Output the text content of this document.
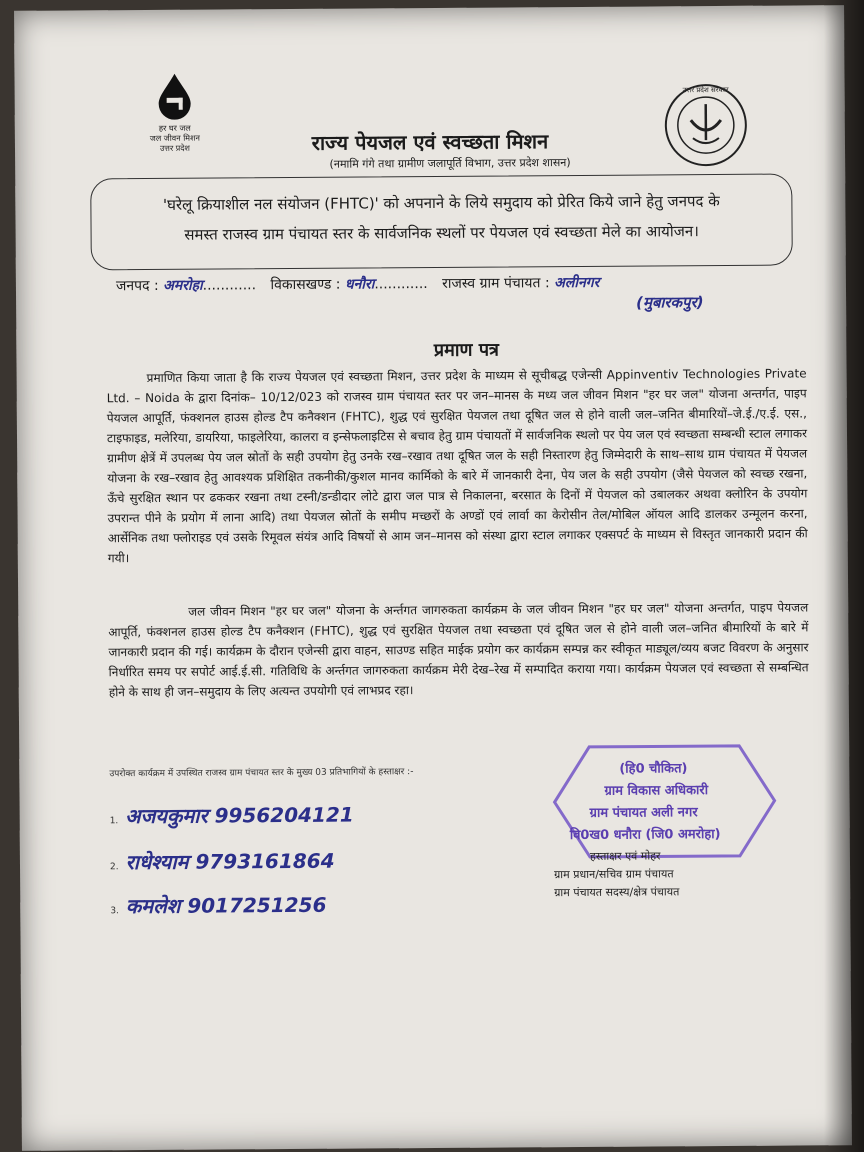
हर घर जल
जल जीवन मिशन
उत्तर प्रदेश
उत्तर प्रदेश सरकार
राज्य पेयजल एवं स्वच्छता मिशन
(नमामि गंगे तथा ग्रामीण जलापूर्ति विभाग, उत्तर प्रदेश शासन)
'घरेलू क्रियाशील नल संयोजन (FHTC)' को अपनाने के लिये समुदाय को प्रेरित किये जाने हेतु जनपद के
समस्त राजस्व ग्राम पंचायत स्तर के सार्वजनिक स्थलों पर पेयजल एवं स्वच्छता मेले का आयोजन।
जनपद : अमरोहा............ विकासखण्ड : धनौरा............ राजस्व ग्राम पंचायत : अलीनगर
(मुबारकपुर)
प्रमाण पत्र
प्रमाणित किया जाता है कि राज्य पेयजल एवं स्वच्छता मिशन, उत्तर प्रदेश के माध्यम से सूचीबद्ध एजेन्सी Appinventiv Technologies Private Ltd. – Noida के द्वारा दिनांक– 10/12/023 को राजस्व ग्राम पंचायत स्तर पर जन–मानस के मध्य जल जीवन मिशन "हर घर जल" योजना अन्तर्गत, पाइप पेयजल आपूर्ति, फंक्शनल हाउस होल्ड टैप कनैक्शन (FHTC), शुद्ध एवं सुरक्षित पेयजल तथा दूषित जल से होने वाली जल–जनित बीमारियों–जे.ई./ए.ई. एस., टाइफाइड, मलेरिया, डायरिया, फाइलेरिया, कालरा व इन्सेफलाइटिस से बचाव हेतु ग्राम पंचायतों में सार्वजनिक स्थलो पर पेय जल एवं स्वच्छता सम्बन्धी स्टाल लगाकर ग्रामीण क्षेत्रें में उपलब्ध पेय जल स्रोतों के सही उपयोग हेतु उनके रख–रखाव तथा दूषित जल के सही निस्तारण हेतु जिम्मेदारी के साथ–साथ ग्राम पंचायत में पेयजल योजना के रख–रखाव हेतु आवश्यक प्रशिक्षित तकनीकी/कुशल मानव कार्मिको के बारे में जानकारी देना, पेय जल के सही उपयोग (जैसे पेयजल को स्वच्छ रखना, ऊँचे सुरक्षित स्थान पर ढककर रखना तथा टस्नी/डन्डीदार लोटे द्वारा जल पात्र से निकालना, बरसात के दिनों में पेयजल को उबालकर अथवा क्लोरिन के उपयोग उपरान्त पीने के प्रयोग में लाना आदि) तथा पेयजल स्रोतों के समीप मच्छरों के अण्डों एवं लार्वा का केरोसीन तेल/मोबिल ऑयल आदि डालकर उन्मूलन करना, आर्सेनिक तथा फ्लोराइड एवं उसके रिमूवल संयंत्र आदि विषयों से आम जन–मानस को संस्था द्वारा स्टाल लगाकर एक्सपर्ट के माध्यम से विस्तृत जानकारी प्रदान की गयी।
जल जीवन मिशन "हर घर जल" योजना के अर्न्तगत जागरुकता कार्यक्रम के जल जीवन मिशन "हर घर जल" योजना अन्तर्गत, पाइप पेयजल आपूर्ति, फंक्शनल हाउस होल्ड टैप कनैक्शन (FHTC), शुद्ध एवं सुरक्षित पेयजल तथा स्वच्छता एवं दूषित जल से होने वाली जल–जनित बीमारियों के बारे में जानकारी प्रदान की गई। कार्यक्रम के दौरान एजेन्सी द्वारा वाहन, साउण्ड सहित माईक प्रयोग कर कार्यक्रम सम्पन्न कर स्वीकृत माड्यूल/व्यय बजट विवरण के अनुसार निर्धारित समय पर सपोर्ट आई.ई.सी. गतिविधि के अर्न्तगत जागरुकता कार्यक्रम मेरी देख–रेख में सम्पादित कराया गया। कार्यक्रम पेयजल एवं स्वच्छता से सम्बन्धित होने के साथ ही जन–समुदाय के लिए अत्यन्त उपयोगी एवं लाभप्रद रहा।
उपरोक्त कार्यक्रम में उपस्थित राजस्व ग्राम पंचायत स्तर के मुख्य 03 प्रतिभागियों के हस्ताक्षर :-
1. अजयकुमार 9956204121
2. राधेश्याम 9793161864
3. कमलेश 9017251256
(हि0 चौकित)
ग्राम विकास अधिकारी
ग्राम पंचायत अली नगर
वि0ख0 धनौरा (जि0 अमरोहा)
हस्ताक्षर एवं मोहर
ग्राम प्रधान/सचिव ग्राम पंचायत
ग्राम पंचायत सदस्य/क्षेत्र पंचायत
